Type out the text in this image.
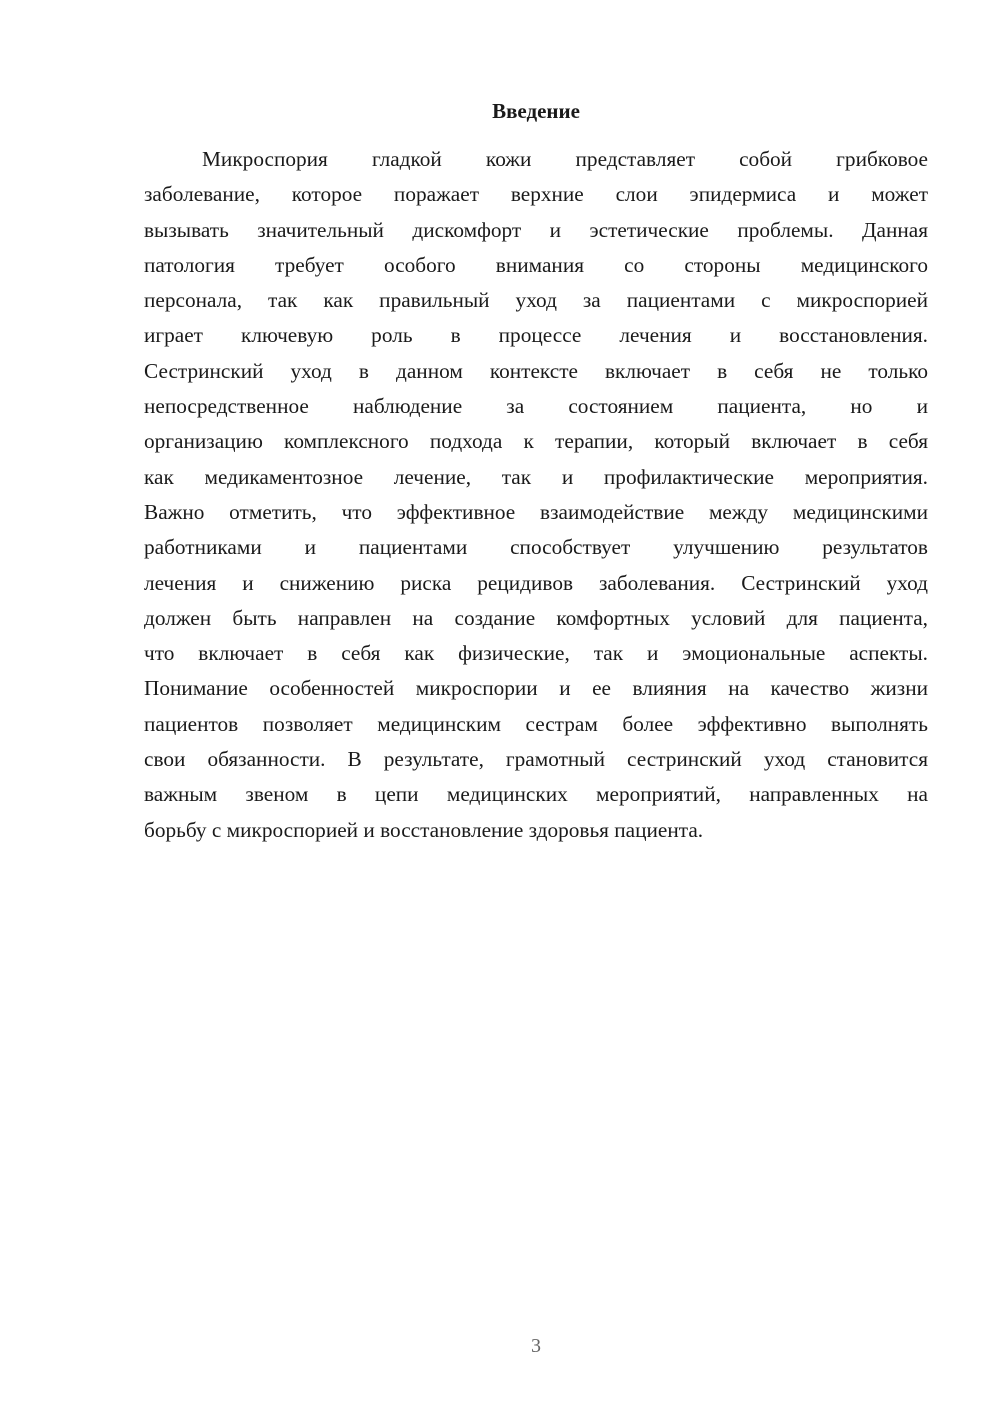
Введение
Микроспория гладкой кожи представляет собой грибковое
заболевание, которое поражает верхние слои эпидермиса и может
вызывать значительный дискомфорт и эстетические проблемы. Данная
патология требует особого внимания со стороны медицинского
персонала, так как правильный уход за пациентами с микроспорией
играет ключевую роль в процессе лечения и восстановления.
Сестринский уход в данном контексте включает в себя не только
непосредственное наблюдение за состоянием пациента, но и
организацию комплексного подхода к терапии, который включает в себя
как медикаментозное лечение, так и профилактические мероприятия.
Важно отметить, что эффективное взаимодействие между медицинскими
работниками и пациентами способствует улучшению результатов
лечения и снижению риска рецидивов заболевания. Сестринский уход
должен быть направлен на создание комфортных условий для пациента,
что включает в себя как физические, так и эмоциональные аспекты.
Понимание особенностей микроспории и ее влияния на качество жизни
пациентов позволяет медицинским сестрам более эффективно выполнять
свои обязанности. В результате, грамотный сестринский уход становится
важным звеном в цепи медицинских мероприятий, направленных на
борьбу с микроспорией и восстановление здоровья пациента.
3
